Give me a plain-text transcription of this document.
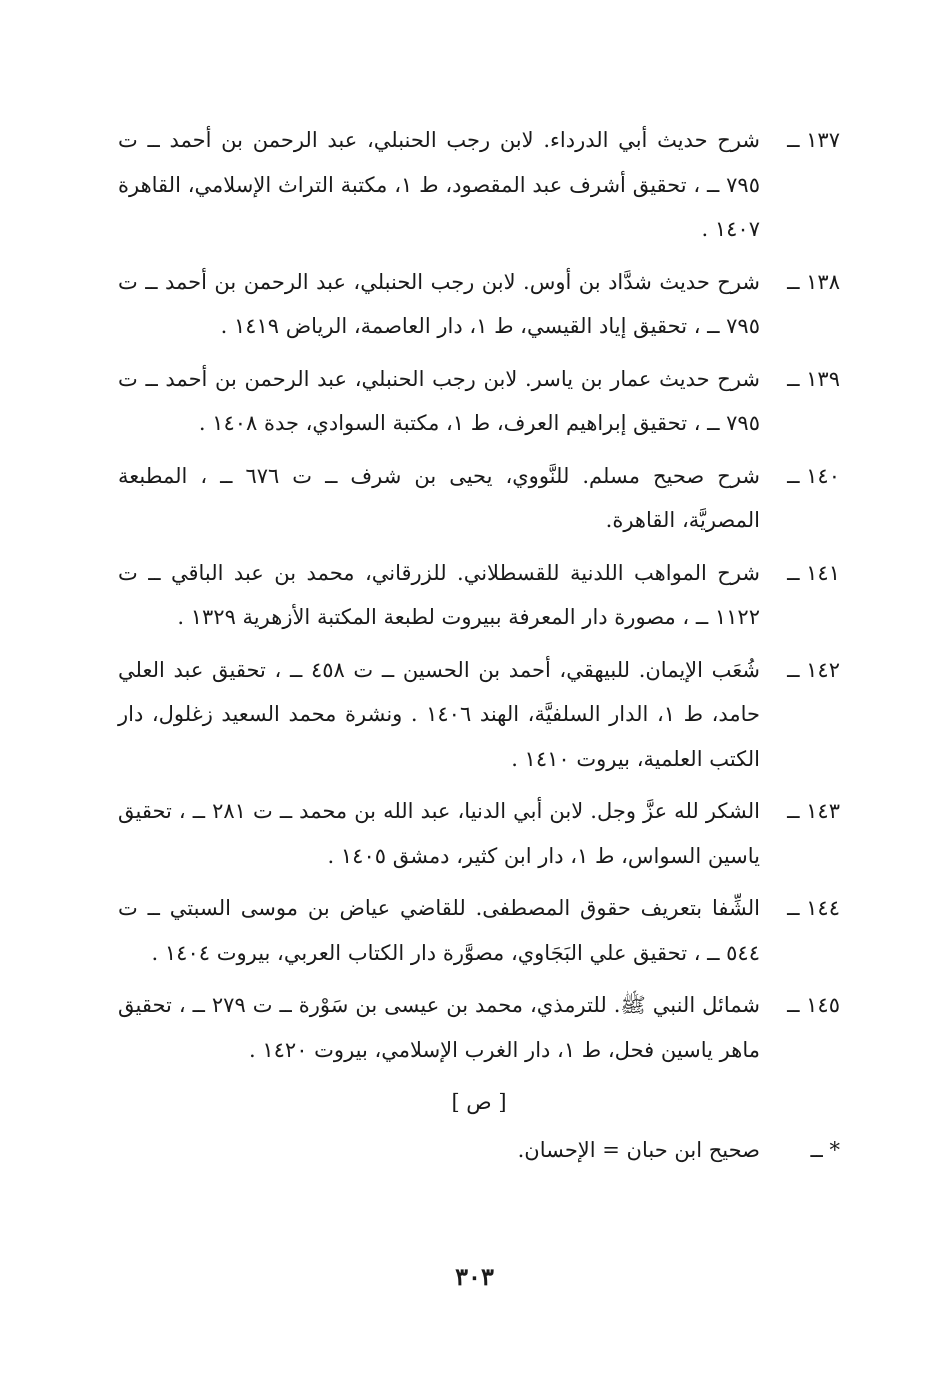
١٣٧ ــ
شرح حديث أبي الدرداء. لابن رجب الحنبلي، عبد الرحمن بن أحمد ــ ت ٧٩٥ ــ ، تحقيق أشرف عبد المقصود، ط ١، مكتبة التراث الإسلامي، القاهرة ١٤٠٧ .
١٣٨ ــ
شرح حديث شدَّاد بن أوس. لابن رجب الحنبلي، عبد الرحمن بن أحمد ــ ت ٧٩٥ ــ ، تحقيق إياد القيسي، ط ١، دار العاصمة، الرياض ١٤١٩ .
١٣٩ ــ
شرح حديث عمار بن ياسر. لابن رجب الحنبلي، عبد الرحمن بن أحمد ــ ت ٧٩٥ ــ ، تحقيق إبراهيم العرف، ط ١، مكتبة السوادي، جدة ١٤٠٨ .
١٤٠ ــ
شرح صحيح مسلم. للنَّووي، يحيى بن شرف ــ ت ٦٧٦ ــ ، المطبعة المصريَّة، القاهرة.
١٤١ ــ
شرح المواهب اللدنية للقسطلاني. للزرقاني، محمد بن عبد الباقي ــ ت ١١٢٢ ــ ، مصورة دار المعرفة ببيروت لطبعة المكتبة الأزهرية ١٣٢٩ .
١٤٢ ــ
شُعَب الإيمان. للبيهقي، أحمد بن الحسين ــ ت ٤٥٨ ــ ، تحقيق عبد العلي حامد، ط ١، الدار السلفيَّة، الهند ١٤٠٦ . ونشرة محمد السعيد زغلول، دار الكتب العلمية، بيروت ١٤١٠ .
١٤٣ ــ
الشكر لله عزَّ وجل. لابن أبي الدنيا، عبد الله بن محمد ــ ت ٢٨١ ــ ، تحقيق ياسين السواس، ط ١، دار ابن كثير، دمشق ١٤٠٥ .
١٤٤ ــ
الشِّفا بتعريف حقوق المصطفى. للقاضي عياض بن موسى السبتي ــ ت ٥٤٤ ــ ، تحقيق علي البَجَاوي، مصوَّرة دار الكتاب العربي، بيروت ١٤٠٤ .
١٤٥ ــ
شمائل النبي ﷺ. للترمذي، محمد بن عيسى بن سَوْرة ــ ت ٢٧٩ ــ ، تحقيق ماهر ياسين فحل، ط ١، دار الغرب الإسلامي، بيروت ١٤٢٠ .
[ ص ]
* ــ
صحيح ابن حبان = الإحسان.
٣٠٣
